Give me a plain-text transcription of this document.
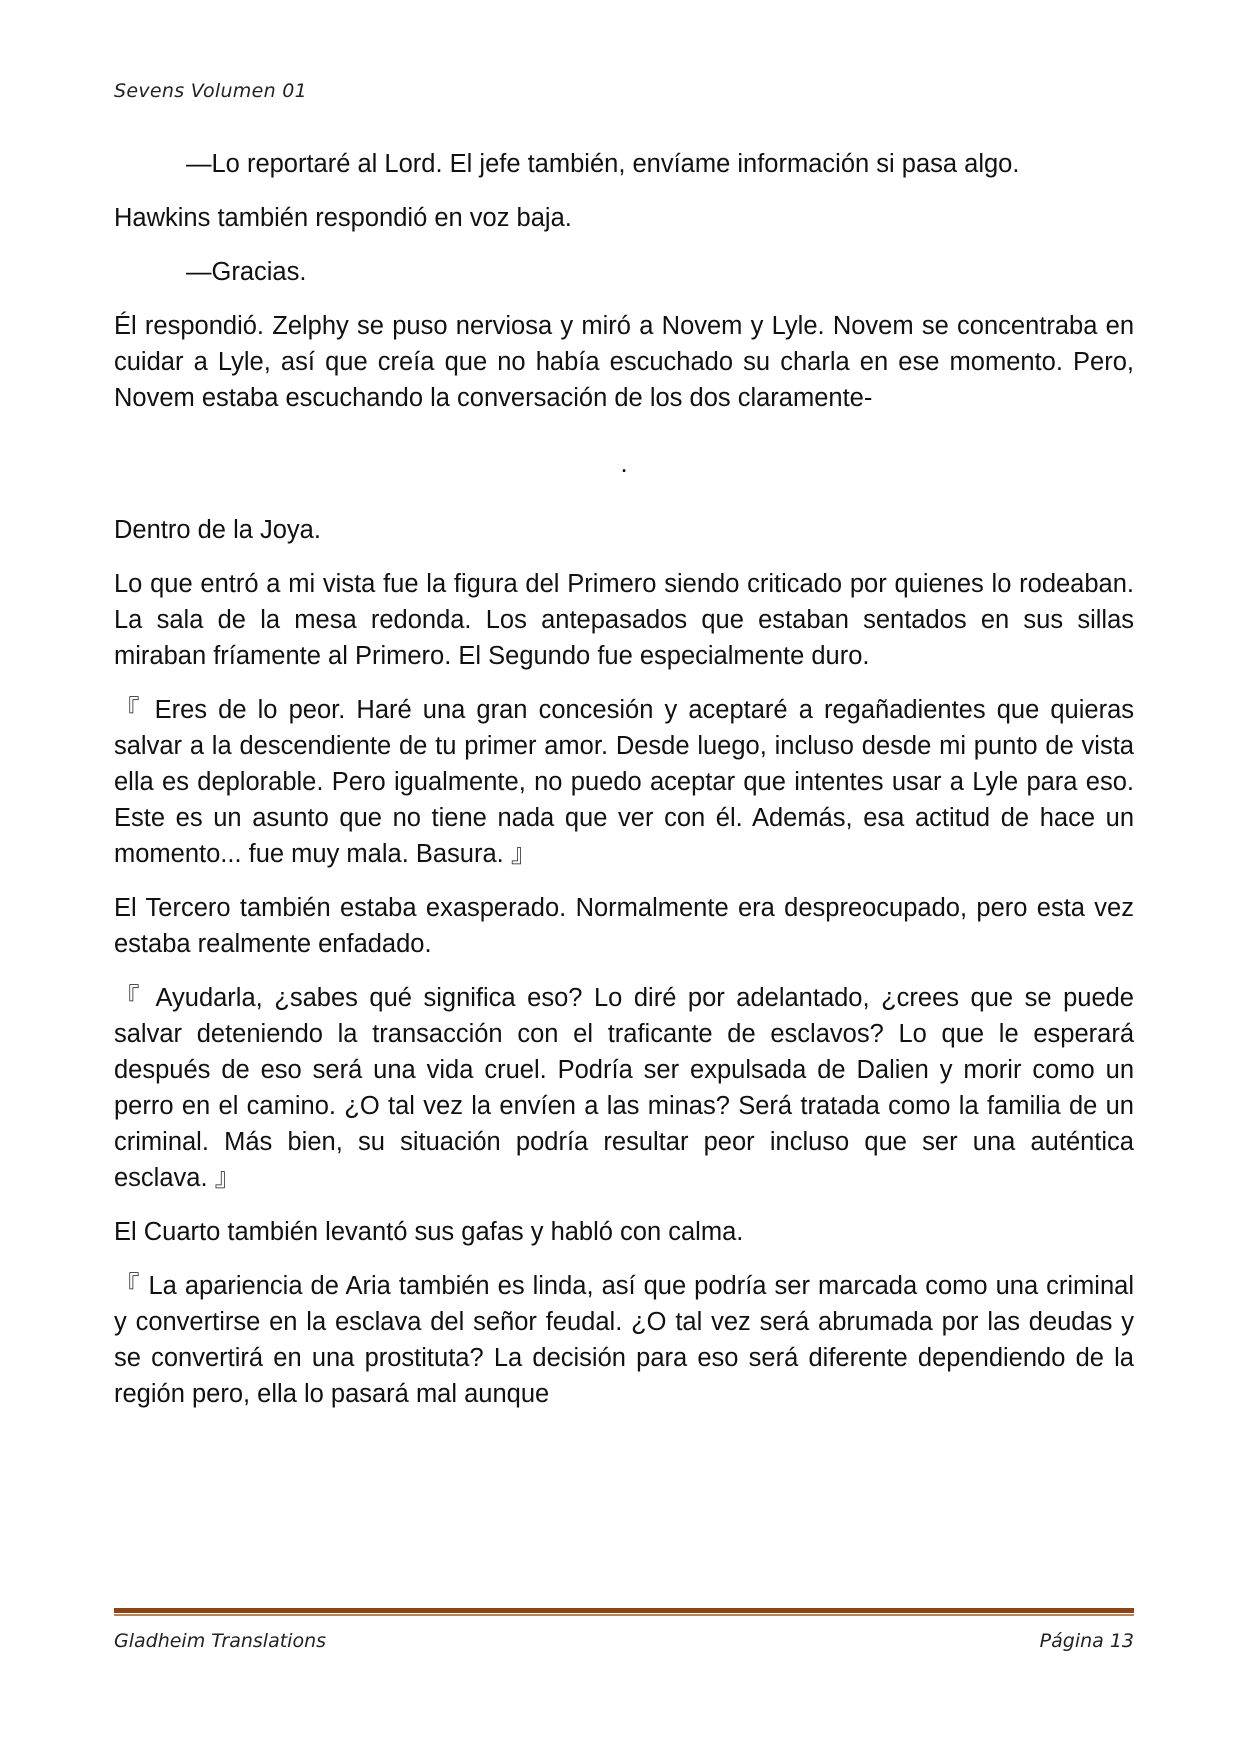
Sevens Volumen 01

—Lo reportaré al Lord. El jefe también, envíame información si pasa algo.

Hawkins también respondió en voz baja.

—Gracias.

Él respondió. Zelphy se puso nerviosa y miró a Novem y Lyle. Novem se concentraba en cuidar a Lyle, así que creía que no había escuchado su charla en ese momento. Pero, Novem estaba escuchando la conversación de los dos claramente-

.

Dentro de la Joya.

Lo que entró a mi vista fue la figura del Primero siendo criticado por quienes lo rodeaban. La sala de la mesa redonda. Los antepasados que estaban sentados en sus sillas miraban fríamente al Primero. El Segundo fue especialmente duro.

『 Eres de lo peor. Haré una gran concesión y aceptaré a regañadientes que quieras salvar a la descendiente de tu primer amor. Desde luego, incluso desde mi punto de vista ella es deplorable. Pero igualmente, no puedo aceptar que intentes usar a Lyle para eso. Este es un asunto que no tiene nada que ver con él. Además, esa actitud de hace un momento... fue muy mala. Basura. 』

El Tercero también estaba exasperado. Normalmente era despreocupado, pero esta vez estaba realmente enfadado.

『 Ayudarla, ¿sabes qué significa eso? Lo diré por adelantado, ¿crees que se puede salvar deteniendo la transacción con el traficante de esclavos? Lo que le esperará después de eso será una vida cruel. Podría ser expulsada de Dalien y morir como un perro en el camino. ¿O tal vez la envíen a las minas? Será tratada como la familia de un criminal. Más bien, su situación podría resultar peor incluso que ser una auténtica esclava. 』

El Cuarto también levantó sus gafas y habló con calma.

『 La apariencia de Aria también es linda, así que podría ser marcada como una criminal y convertirse en la esclava del señor feudal. ¿O tal vez será abrumada por las deudas y se convertirá en una prostituta? La decisión para eso será diferente dependiendo de la región pero, ella lo pasará mal aunque

Gladheim Translations	Página 13
